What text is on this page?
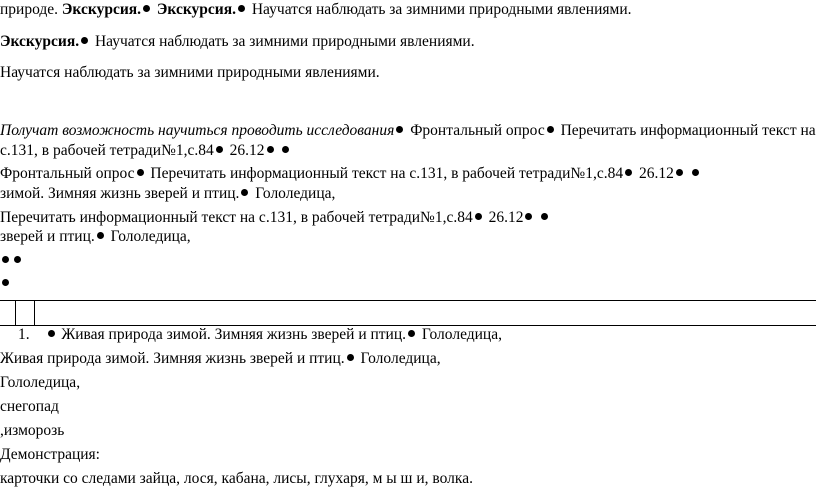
природе. Экскурсия. Экскурсия. Научатся наблюдать за зимними природными явлениями.
Экскурсия. Научатся наблюдать за зимними природными явлениями.
Научатся наблюдать за зимними природными явлениями.
Получат возможность научиться проводить исследования Фронтальный опрос Перечитать информационный текст на
с.131, в рабочей тетради№1,с.84 26.12
Фронтальный опрос Перечитать информационный текст на с.131, в рабочей тетради№1,с.84 26.12
зимой. Зимняя жизнь зверей и птиц. Гололедица,
Перечитать информационный текст на с.131, в рабочей тетради№1,с.84 26.12
зверей и птиц. Гололедица,
1. Живая природа зимой. Зимняя жизнь зверей и птиц. Гололедица,
Живая природа зимой. Зимняя жизнь зверей и птиц. Гололедица,
Гололедица,
снегопад
,изморозь
Демонстрация:
карточки со следами зайца, лося, кабана, лисы, глухаря, м ы ш и, волка.
